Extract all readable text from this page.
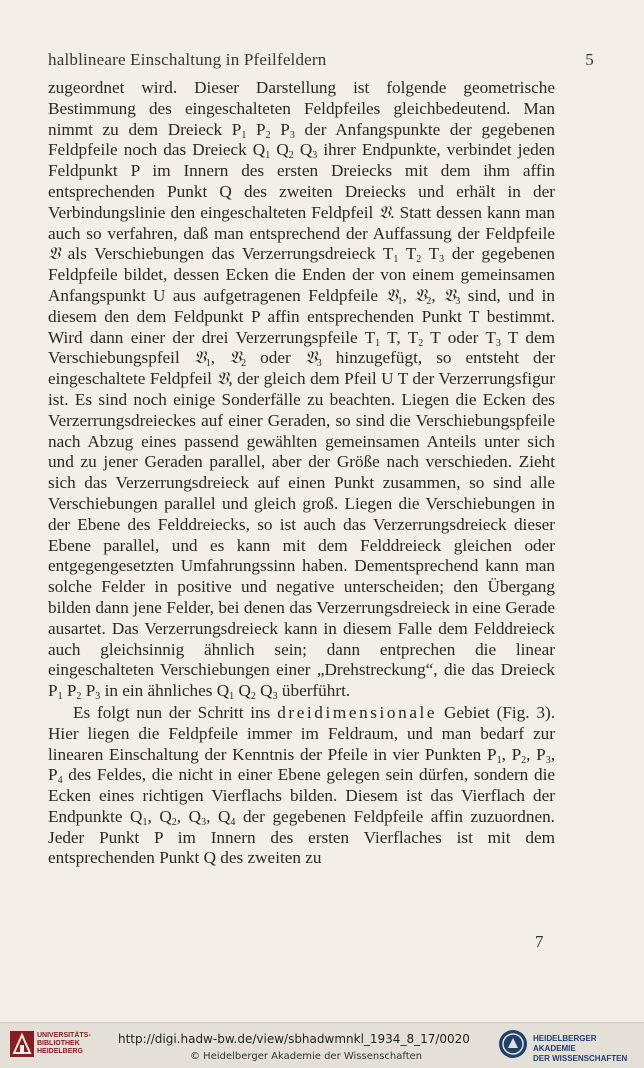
halblineare Einschaltung in Pfeilfeldern	5

zugeordnet wird. Dieser Darstellung ist folgende geometrische Bestimmung des eingeschalteten Feldpfeiles gleichbedeutend. Man nimmt zu dem Dreieck $P_1$ $P_2$ $P_3$ der Anfangspunkte der gegebenen Feldpfeile noch das Dreieck $Q_1$ $Q_2$ $Q_3$ ihrer Endpunkte, verbindet jeden Feldpunkt P im Innern des ersten Dreiecks mit dem ihm affin entsprechenden Punkt Q des zweiten Dreiecks und erhält in der Verbindungslinie den eingeschalteten Feldpfeil 𝔙. Statt dessen kann man auch so verfahren, daß man entsprechend der Auffassung der Feldpfeile 𝔙 als Verschiebungen das Verzerrungsdreieck $T_1$ $T_2$ $T_3$ der gegebenen Feldpfeile bildet, dessen Ecken die Enden der von einem gemeinsamen Anfangspunkt U aus aufgetragenen Feldpfeile 𝔙$_1$, 𝔙$_2$, 𝔙$_3$ sind, und in diesem den dem Feldpunkt P affin entsprechenden Punkt T bestimmt. Wird dann einer der drei Verzerrungspfeile $T_1$ T, $T_2$ T oder $T_3$ T dem Verschiebungspfeil 𝔙$_1$, 𝔙$_2$ oder 𝔙$_3$ hinzugefügt, so entsteht der eingeschaltete Feldpfeil 𝔙, der gleich dem Pfeil U T der Verzerrungsfigur ist. Es sind noch einige Sonderfälle zu beachten. Liegen die Ecken des Verzerrungsdreieckes auf einer Geraden, so sind die Verschiebungspfeile nach Abzug eines passend gewählten gemeinsamen Anteils unter sich und zu jener Geraden parallel, aber der Größe nach verschieden. Zieht sich das Verzerrungsdreieck auf einen Punkt zusammen, so sind alle Verschiebungen parallel und gleich groß. Liegen die Verschiebungen in der Ebene des Felddreiecks, so ist auch das Verzerrungsdreieck dieser Ebene parallel, und es kann mit dem Felddreieck gleichen oder entgegengesetzten Umfahrungssinn haben. Dementsprechend kann man solche Felder in positive und negative unterscheiden; den Übergang bilden dann jene Felder, bei denen das Verzerrungsdreieck in eine Gerade ausartet. Das Verzerrungsdreieck kann in diesem Falle dem Felddreieck auch gleichsinnig ähnlich sein; dann entprechen die linear eingeschalteten Verschiebungen einer „Drehstreckung“, die das Dreieck $P_1$ $P_2$ $P_3$ in ein ähnliches $Q_1$ $Q_2$ $Q_3$ überführt.

Es folgt nun der Schritt ins dreidimensionale Gebiet (Fig. 3). Hier liegen die Feldpfeile immer im Feldraum, und man bedarf zur linearen Einschaltung der Kenntnis der Pfeile in vier Punkten $P_1$, $P_2$, $P_3$, $P_4$ des Feldes, die nicht in einer Ebene gelegen sein dürfen, sondern die Ecken eines richtigen Vierflachs bilden. Diesem ist das Vierflach der Endpunkte $Q_1$, $Q_2$, $Q_3$, $Q_4$ der gegebenen Feldpfeile affin zuzuordnen. Jeder Punkt P im Innern des ersten Vierflaches ist mit dem entsprechenden Punkt Q des zweiten zu

7
UNIVERSITÄTS-
BIBLIOTHEK
HEIDELBERG
http://digi.hadw-bw.de/view/sbhadwmnkl_1934_8_17/0020
© Heidelberger Akademie der Wissenschaften
HEIDELBERGER AKADEMIE
DER WISSENSCHAFTEN
